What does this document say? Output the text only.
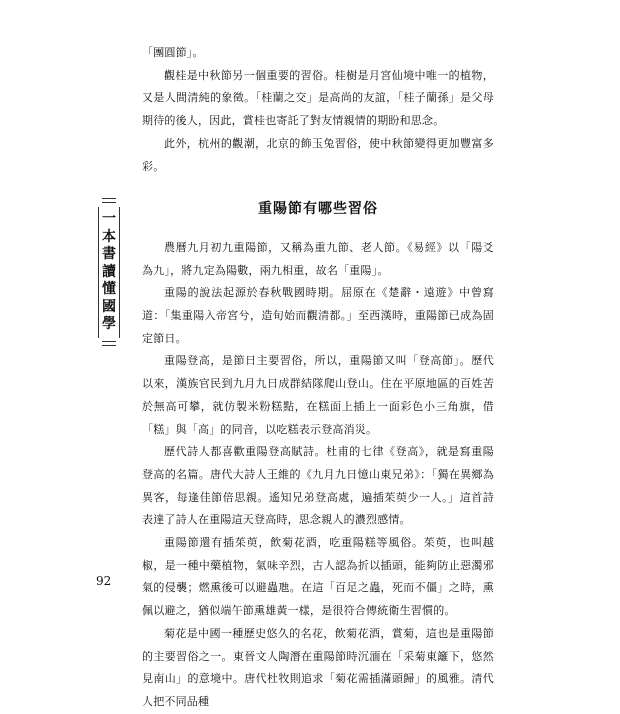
「團圓節」。

觀桂是中秋節另一個重要的習俗。桂樹是月宮仙境中唯一的植物，又是人間清純的象徵。「桂蘭之交」是高尚的友誼，「桂子蘭孫」是父母期待的後人，因此，賞桂也寄託了對友情親情的期盼和思念。

此外，杭州的觀潮，北京的飾玉兔習俗，使中秋節變得更加豐富多彩。

重陽節有哪些習俗

農曆九月初九重陽節，又稱為重九節、老人節。《易經》以「陽爻為九」，將九定為陽數，兩九相重，故名「重陽」。

重陽的說法起源於春秋戰國時期。屈原在《楚辭・遠遊》中曾寫道：「集重陽入帝宮兮，造旬始而觀清都。」至西漢時，重陽節已成為固定節日。

重陽登高，是節日主要習俗，所以，重陽節又叫「登高節」。歷代以來，漢族官民到九月九日成群結隊爬山登山。住在平原地區的百姓苦於無高可攀，就仿製米粉糕點，在糕面上插上一面彩色小三角旗，借「糕」與「高」的同音，以吃糕表示登高消災。

歷代詩人都喜歡重陽登高賦詩。杜甫的七律《登高》，就是寫重陽登高的名篇。唐代大詩人王維的《九月九日憶山東兄弟》：「獨在異鄉為異客，每逢佳節倍思親。遙知兄弟登高處，遍插茱萸少一人。」這首詩表達了詩人在重陽這天登高時，思念親人的濃烈感情。

重陽節還有插茱萸，飲菊花酒，吃重陽糕等風俗。茱萸，也叫越椒，是一種中藥植物，氣味辛烈，古人認為折以插頭，能夠防止惡濁邪氣的侵襲；燃熏後可以避蟲虺。在這「百足之蟲，死而不僵」之時，熏佩以避之，猶似端午節熏雄黃一樣，是很符合傳統衛生習慣的。

菊花是中國一種歷史悠久的名花，飲菊花酒，賞菊，這也是重陽節的主要習俗之一。東晉文人陶潛在重陽節時沉湎在「采菊東籬下，悠然見南山」的意境中。唐代杜牧則追求「菊花需插滿頭歸」的風雅。清代人把不同品種

一
本
書
讀
懂
國
學
92
